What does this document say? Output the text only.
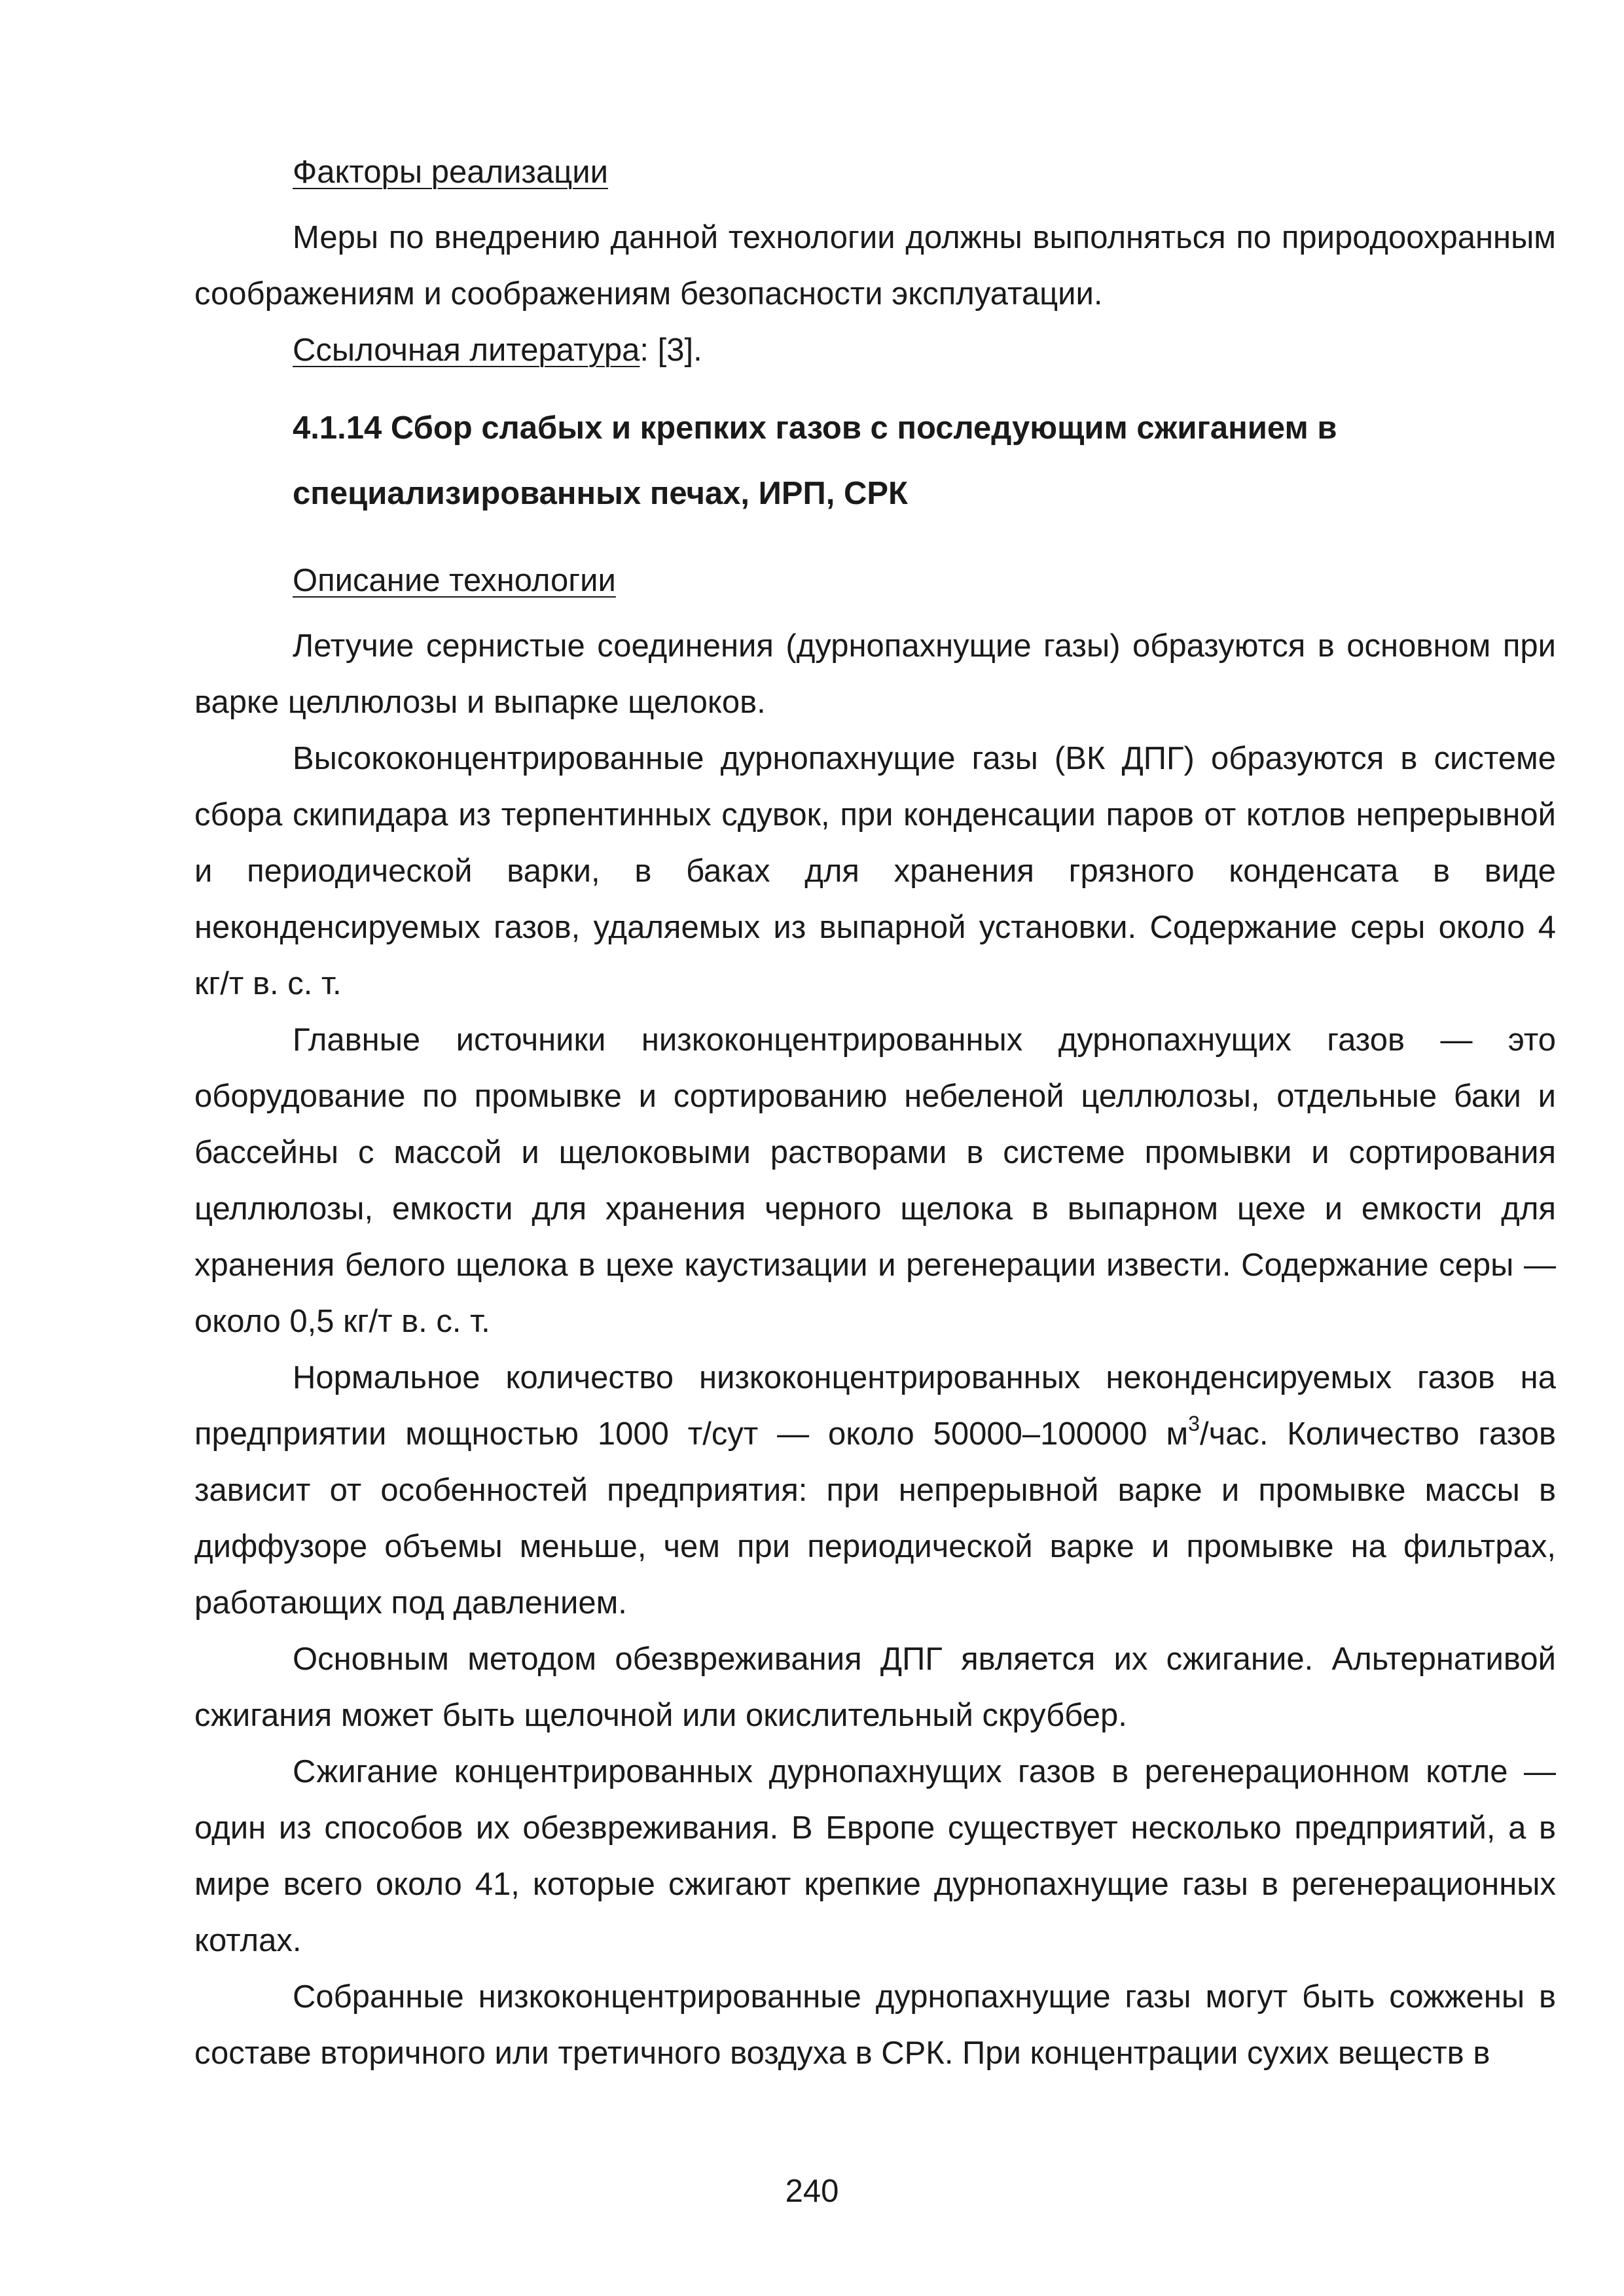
Факторы реализации

Меры по внедрению данной технологии должны выполняться по природоохранным соображениям и соображениям безопасности эксплуатации.

Ссылочная литература: [3].

4.1.14 Сбор слабых и крепких газов с последующим сжиганием в

специализированных печах, ИРП, СРК

Описание технологии

Летучие сернистые соединения (дурнопахнущие газы) образуются в основном при варке целлюлозы и выпарке щелоков.

Высококонцентрированные дурнопахнущие газы (ВК ДПГ) образуются в системе сбора скипидара из терпентинных сдувок, при конденсации паров от котлов непрерывной и периодической варки, в баках для хранения грязного конденсата в виде неконденсируемых газов, удаляемых из выпарной установки. Содержание серы около 4 кг/т в. с. т.

Главные источники низкоконцентрированных дурнопахнущих газов — это оборудование по промывке и сортированию небеленой целлюлозы, отдельные баки и бассейны с массой и щелоковыми растворами в системе промывки и сортирования целлюлозы, емкости для хранения черного щелока в выпарном цехе и емкости для хранения белого щелока в цехе каустизации и регенерации извести. Содержание серы — около 0,5 кг/т в. с. т.

Нормальное количество низкоконцентрированных неконденсируемых газов на предприятии мощностью 1000 т/сут — около 50000–100000 $м^3$/час. Количество газов зависит от особенностей предприятия: при непрерывной варке и промывке массы в диффузоре объемы меньше, чем при периодической варке и промывке на фильтрах, работающих под давлением.

Основным методом обезвреживания ДПГ является их сжигание. Альтернативой сжигания может быть щелочной или окислительный скруббер.

Сжигание концентрированных дурнопахнущих газов в регенерационном котле — один из способов их обезвреживания. В Европе существует несколько предприятий, а в мире всего около 41, которые сжигают крепкие дурнопахнущие газы в регенерационных котлах.

Собранные низкоконцентрированные дурнопахнущие газы могут быть сожжены в составе вторичного или третичного воздуха в СРК. При концентрации сухих веществ в

240
